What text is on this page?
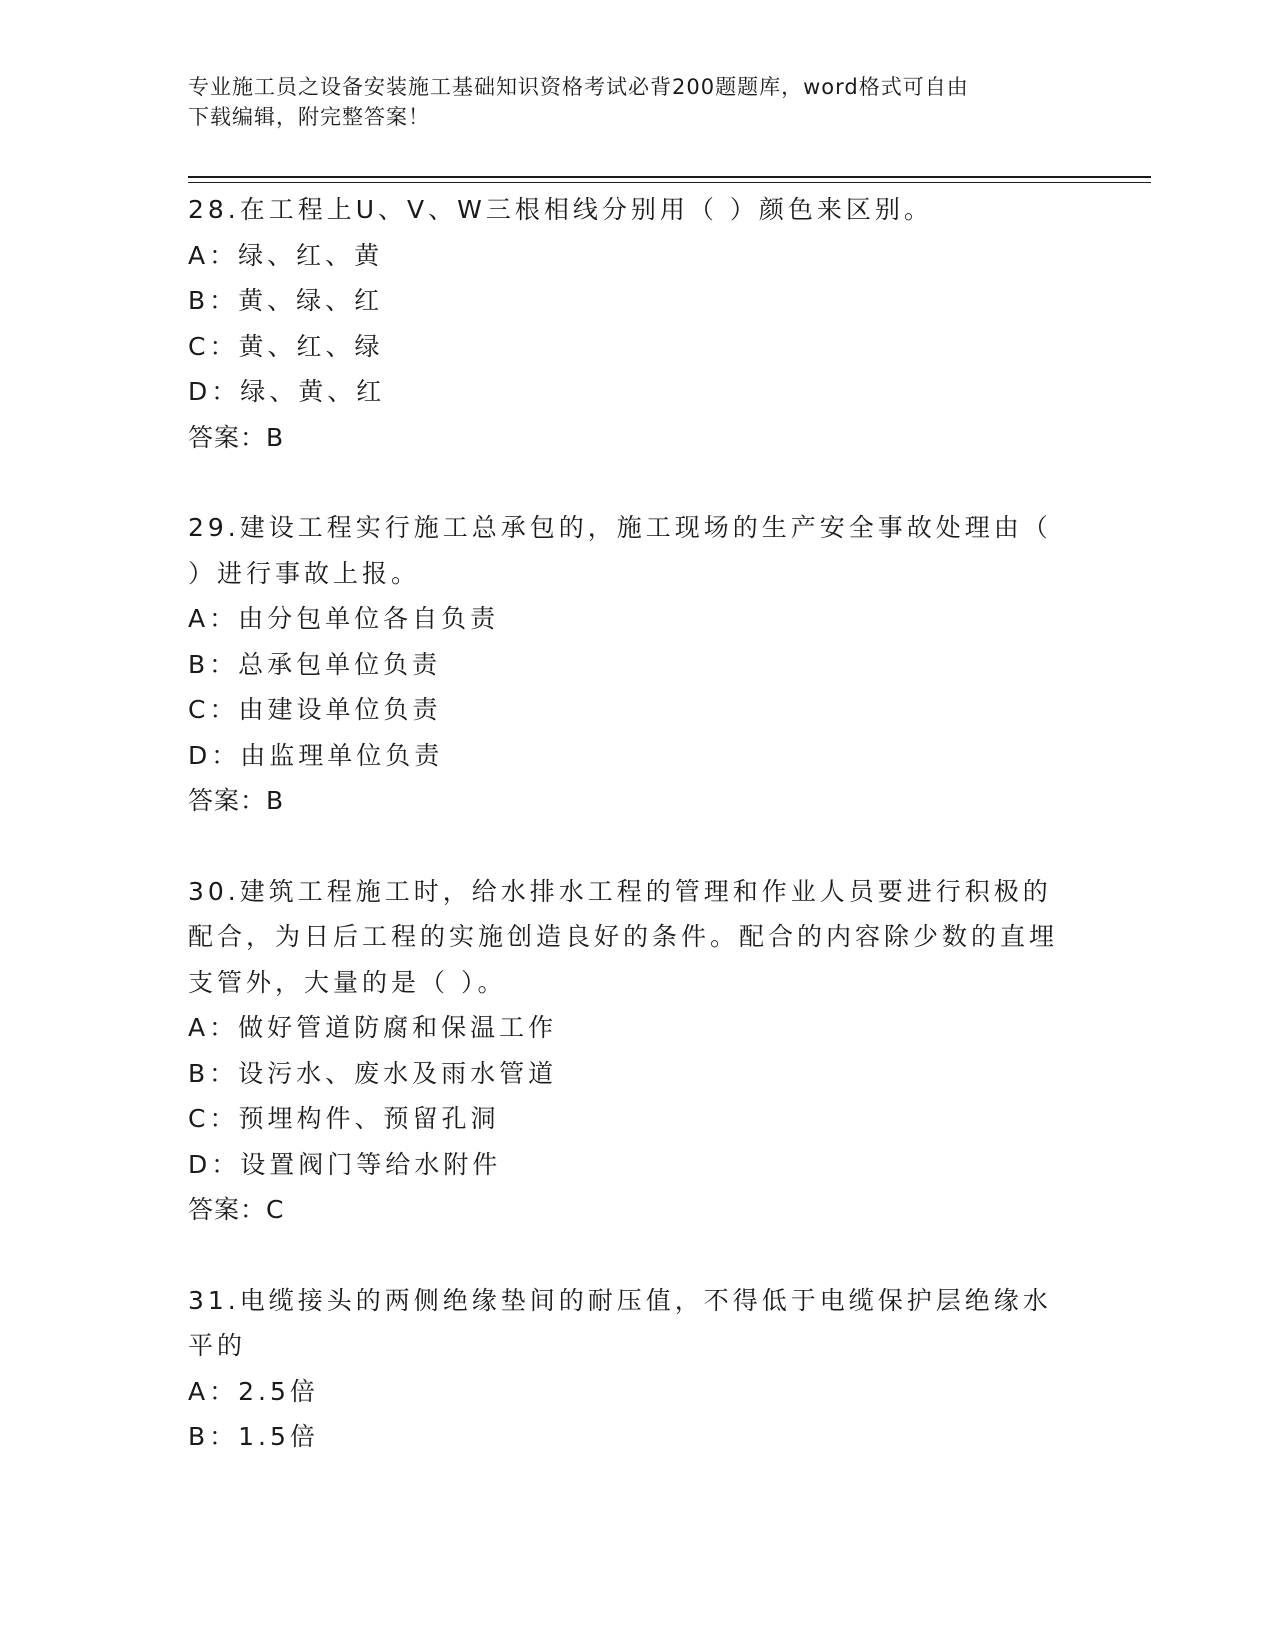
专业施工员之设备安装施工基础知识资格考试必背200题题库，word格式可自由
下载编辑，附完整答案！
28.在工程上U、V、W三根相线分别用（ ）颜色来区别。
A：绿、红、黄
B：黄、绿、红
C：黄、红、绿
D：绿、黄、红
答案：B
29.建设工程实行施工总承包的，施工现场的生产安全事故处理由（ ）进行事故上报。
A：由分包单位各自负责
B：总承包单位负责
C：由建设单位负责
D：由监理单位负责
答案：B
30.建筑工程施工时，给水排水工程的管理和作业人员要进行积极的配合，为日后工程的实施创造良好的条件。配合的内容除少数的直埋支管外，大量的是（ ）。
A：做好管道防腐和保温工作
B：设污水、废水及雨水管道
C：预埋构件、预留孔洞
D：设置阀门等给水附件
答案：C
31.电缆接头的两侧绝缘垫间的耐压值，不得低于电缆保护层绝缘水平的
A：2.5倍
B：1.5倍
